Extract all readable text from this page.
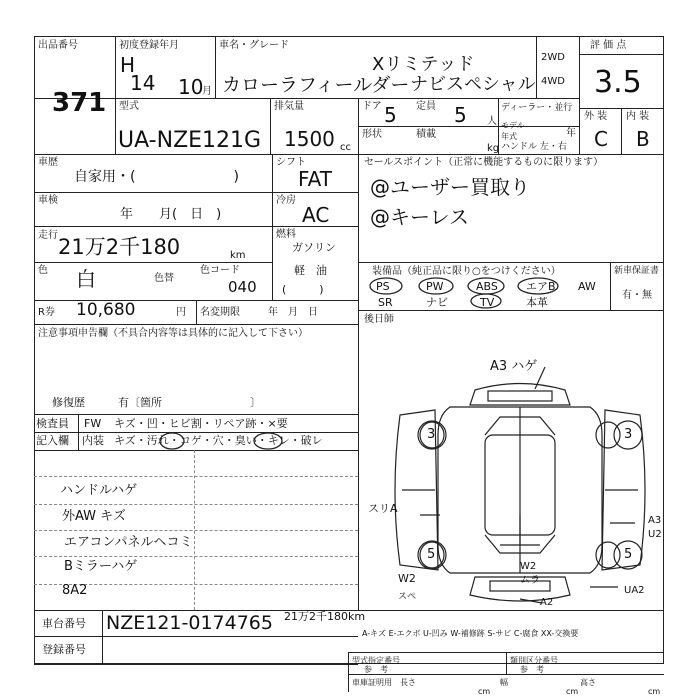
出品番号
371
初度登録年月
H
14 10
月
車名・グレード
カローラフィールダー
Xリミテッド
ナビスペシャル
2WD
4WD
評 価 点
3.5
型式
UA-NZE121G
排気量
1500 cc
ドア 5 定員 5 人
ディーラー・並行
モデル年式	年
形状	積載
kg ハンドル 左・右
外 装 内 装
C B
車歴
自家用・(　　　　　　　)
車検
年　　月(　日　)
走行 21万2千180	km
色 白	色替
色コード
040
シフト
FAT
冷房
AC
燃料
ガソリン
軽　油
(　　　)
R券 10,680	円 名変期限	年　月　日
セールスポイント（正常に機能するものに限ります）
@ユーザー買取り
@キーレス
装備品（純正品に限り○をつけください）	新車保証書
有・無
PS	PW	ABS	エアB AW
SR	ナビ	TV	本革
後日師
注意事項申告欄（不具合内容等は具体的に記入して下さい）
修復歴	有〔箇所　　　　　　　　〕
検査員
記入欄
FW キズ・凹・ヒビ割・リペア跡・×要
内装 キズ・汚れ・コゲ・穴・臭い・キレ・破レ
ハンドルハゲ
外AW キズ
エアコンパネルヘコミ
Bミラーハゲ
8A2
A3 ハゲ
3	3
スリA
A3
U2
5	5
W2
W2
ムラ
UA2
A2
スペ
21万2千180km
A-キズ E-エクボ U-凹み W-補修跡 S-サビ C-腐食 XX-交換要
車台番号 NZE121-0174765
登録番号
型式指定番号
参　考
類別区分番号
参　考
車庫証明用 長さ	幅	高さ
cm	cm	cm
